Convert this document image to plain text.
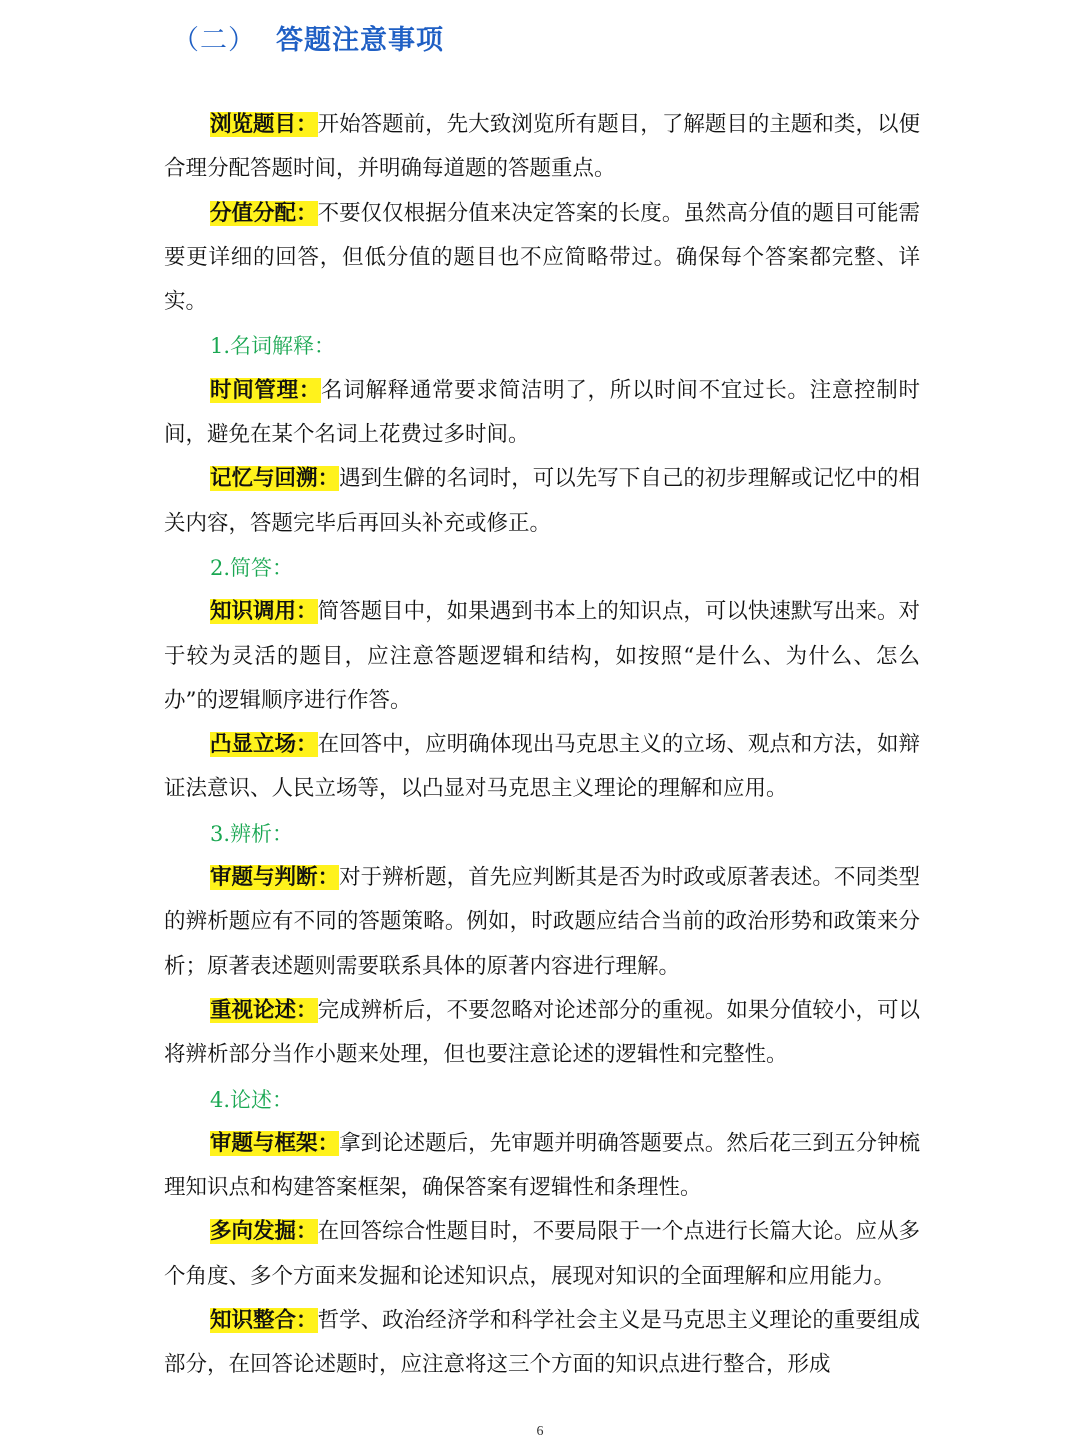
（二） 答题注意事项

浏览题目：开始答题前，先大致浏览所有题目，了解题目的主题和类，以便合理分配答题时间，并明确每道题的答题重点。

分值分配：不要仅仅根据分值来决定答案的长度。虽然高分值的题目可能需要更详细的回答，但低分值的题目也不应简略带过。确保每个答案都完整、详实。

1.名词解释：

时间管理：名词解释通常要求简洁明了，所以时间不宜过长。注意控制时间，避免在某个名词上花费过多时间。

记忆与回溯：遇到生僻的名词时，可以先写下自己的初步理解或记忆中的相关内容，答题完毕后再回头补充或修正。

2.简答：

知识调用：简答题目中，如果遇到书本上的知识点，可以快速默写出来。对于较为灵活的题目，应注意答题逻辑和结构，如按照“是什么、为什么、怎么办”的逻辑顺序进行作答。

凸显立场：在回答中，应明确体现出马克思主义的立场、观点和方法，如辩证法意识、人民立场等，以凸显对马克思主义理论的理解和应用。

3.辨析：

审题与判断：对于辨析题，首先应判断其是否为时政或原著表述。不同类型的辨析题应有不同的答题策略。例如，时政题应结合当前的政治形势和政策来分析；原著表述题则需要联系具体的原著内容进行理解。

重视论述：完成辨析后，不要忽略对论述部分的重视。如果分值较小，可以将辨析部分当作小题来处理，但也要注意论述的逻辑性和完整性。

4.论述：

审题与框架：拿到论述题后，先审题并明确答题要点。然后花三到五分钟梳理知识点和构建答案框架，确保答案有逻辑性和条理性。

多向发掘：在回答综合性题目时，不要局限于一个点进行长篇大论。应从多个角度、多个方面来发掘和论述知识点，展现对知识的全面理解和应用能力。

知识整合：哲学、政治经济学和科学社会主义是马克思主义理论的重要组成部分，在回答论述题时，应注意将这三个方面的知识点进行整合，形成

6
